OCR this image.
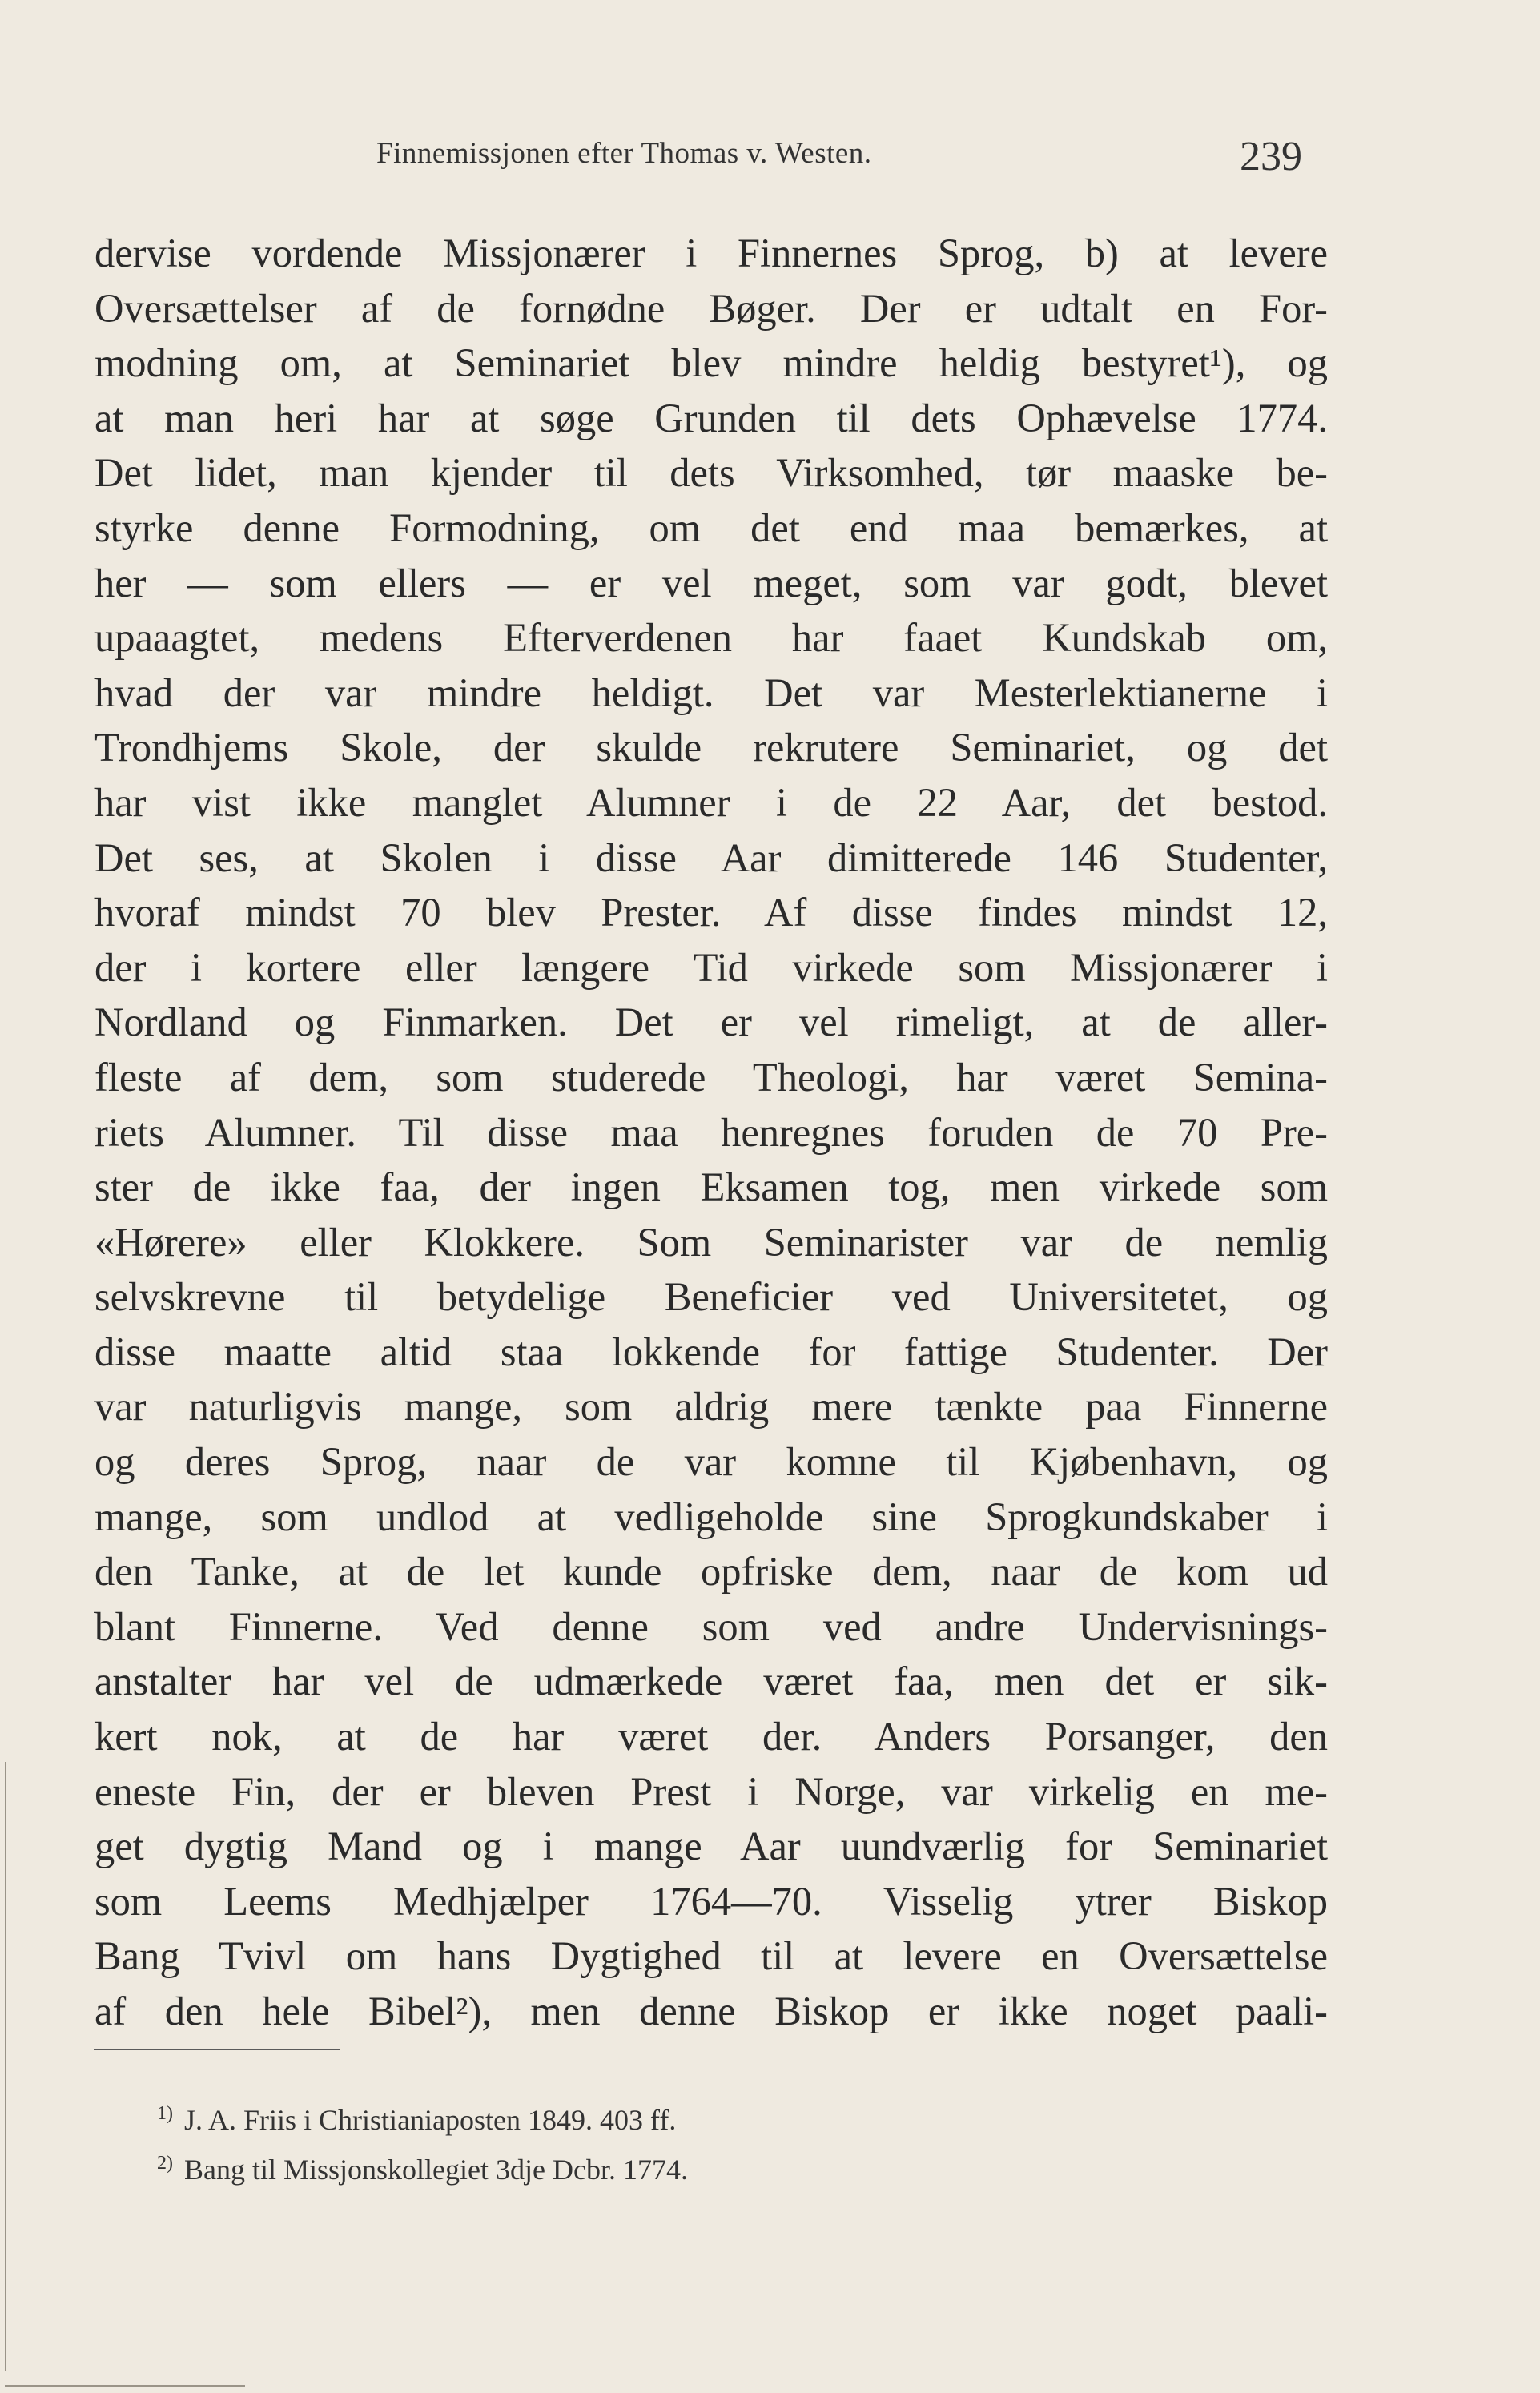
Finnemissjonen efter Thomas v. Westen.	239
dervise vordende Missjonærer i Finnernes Sprog, b) at levere
Oversættelser af de fornødne Bøger. Der er udtalt en For-
modning om, at Seminariet blev mindre heldig bestyret¹), og
at man heri har at søge Grunden til dets Ophævelse 1774.
Det lidet, man kjender til dets Virksomhed, tør maaske be-
styrke denne Formodning, om det end maa bemærkes, at
her — som ellers — er vel meget, som var godt, blevet
upaaagtet, medens Efterverdenen har faaet Kundskab om,
hvad der var mindre heldigt. Det var Mesterlektianerne i
Trondhjems Skole, der skulde rekrutere Seminariet, og det
har vist ikke manglet Alumner i de 22 Aar, det bestod.
Det ses, at Skolen i disse Aar dimitterede 146 Studenter,
hvoraf mindst 70 blev Prester. Af disse findes mindst 12,
der i kortere eller længere Tid virkede som Missjonærer i
Nordland og Finmarken. Det er vel rimeligt, at de aller-
fleste af dem, som studerede Theologi, har været Semina-
riets Alumner. Til disse maa henregnes foruden de 70 Pre-
ster de ikke faa, der ingen Eksamen tog, men virkede som
«Hørere» eller Klokkere. Som Seminarister var de nemlig
selvskrevne til betydelige Beneficier ved Universitetet, og
disse maatte altid staa lokkende for fattige Studenter. Der
var naturligvis mange, som aldrig mere tænkte paa Finnerne
og deres Sprog, naar de var komne til Kjøbenhavn, og
mange, som undlod at vedligeholde sine Sprogkundskaber i
den Tanke, at de let kunde opfriske dem, naar de kom ud
blant Finnerne. Ved denne som ved andre Undervisnings-
anstalter har vel de udmærkede været faa, men det er sik-
kert nok, at de har været der. Anders Porsanger, den
eneste Fin, der er bleven Prest i Norge, var virkelig en me-
get dygtig Mand og i mange Aar uundværlig for Seminariet
som Leems Medhjælper 1764—70. Visselig ytrer Biskop
Bang Tvivl om hans Dygtighed til at levere en Oversættelse
af den hele Bibel²), men denne Biskop er ikke noget paali-
$^{1)}$ J. A. Friis i Christianiaposten 1849. 403 ff.
$^{2)}$ Bang til Missjonskollegiet 3dje Dcbr. 1774.
